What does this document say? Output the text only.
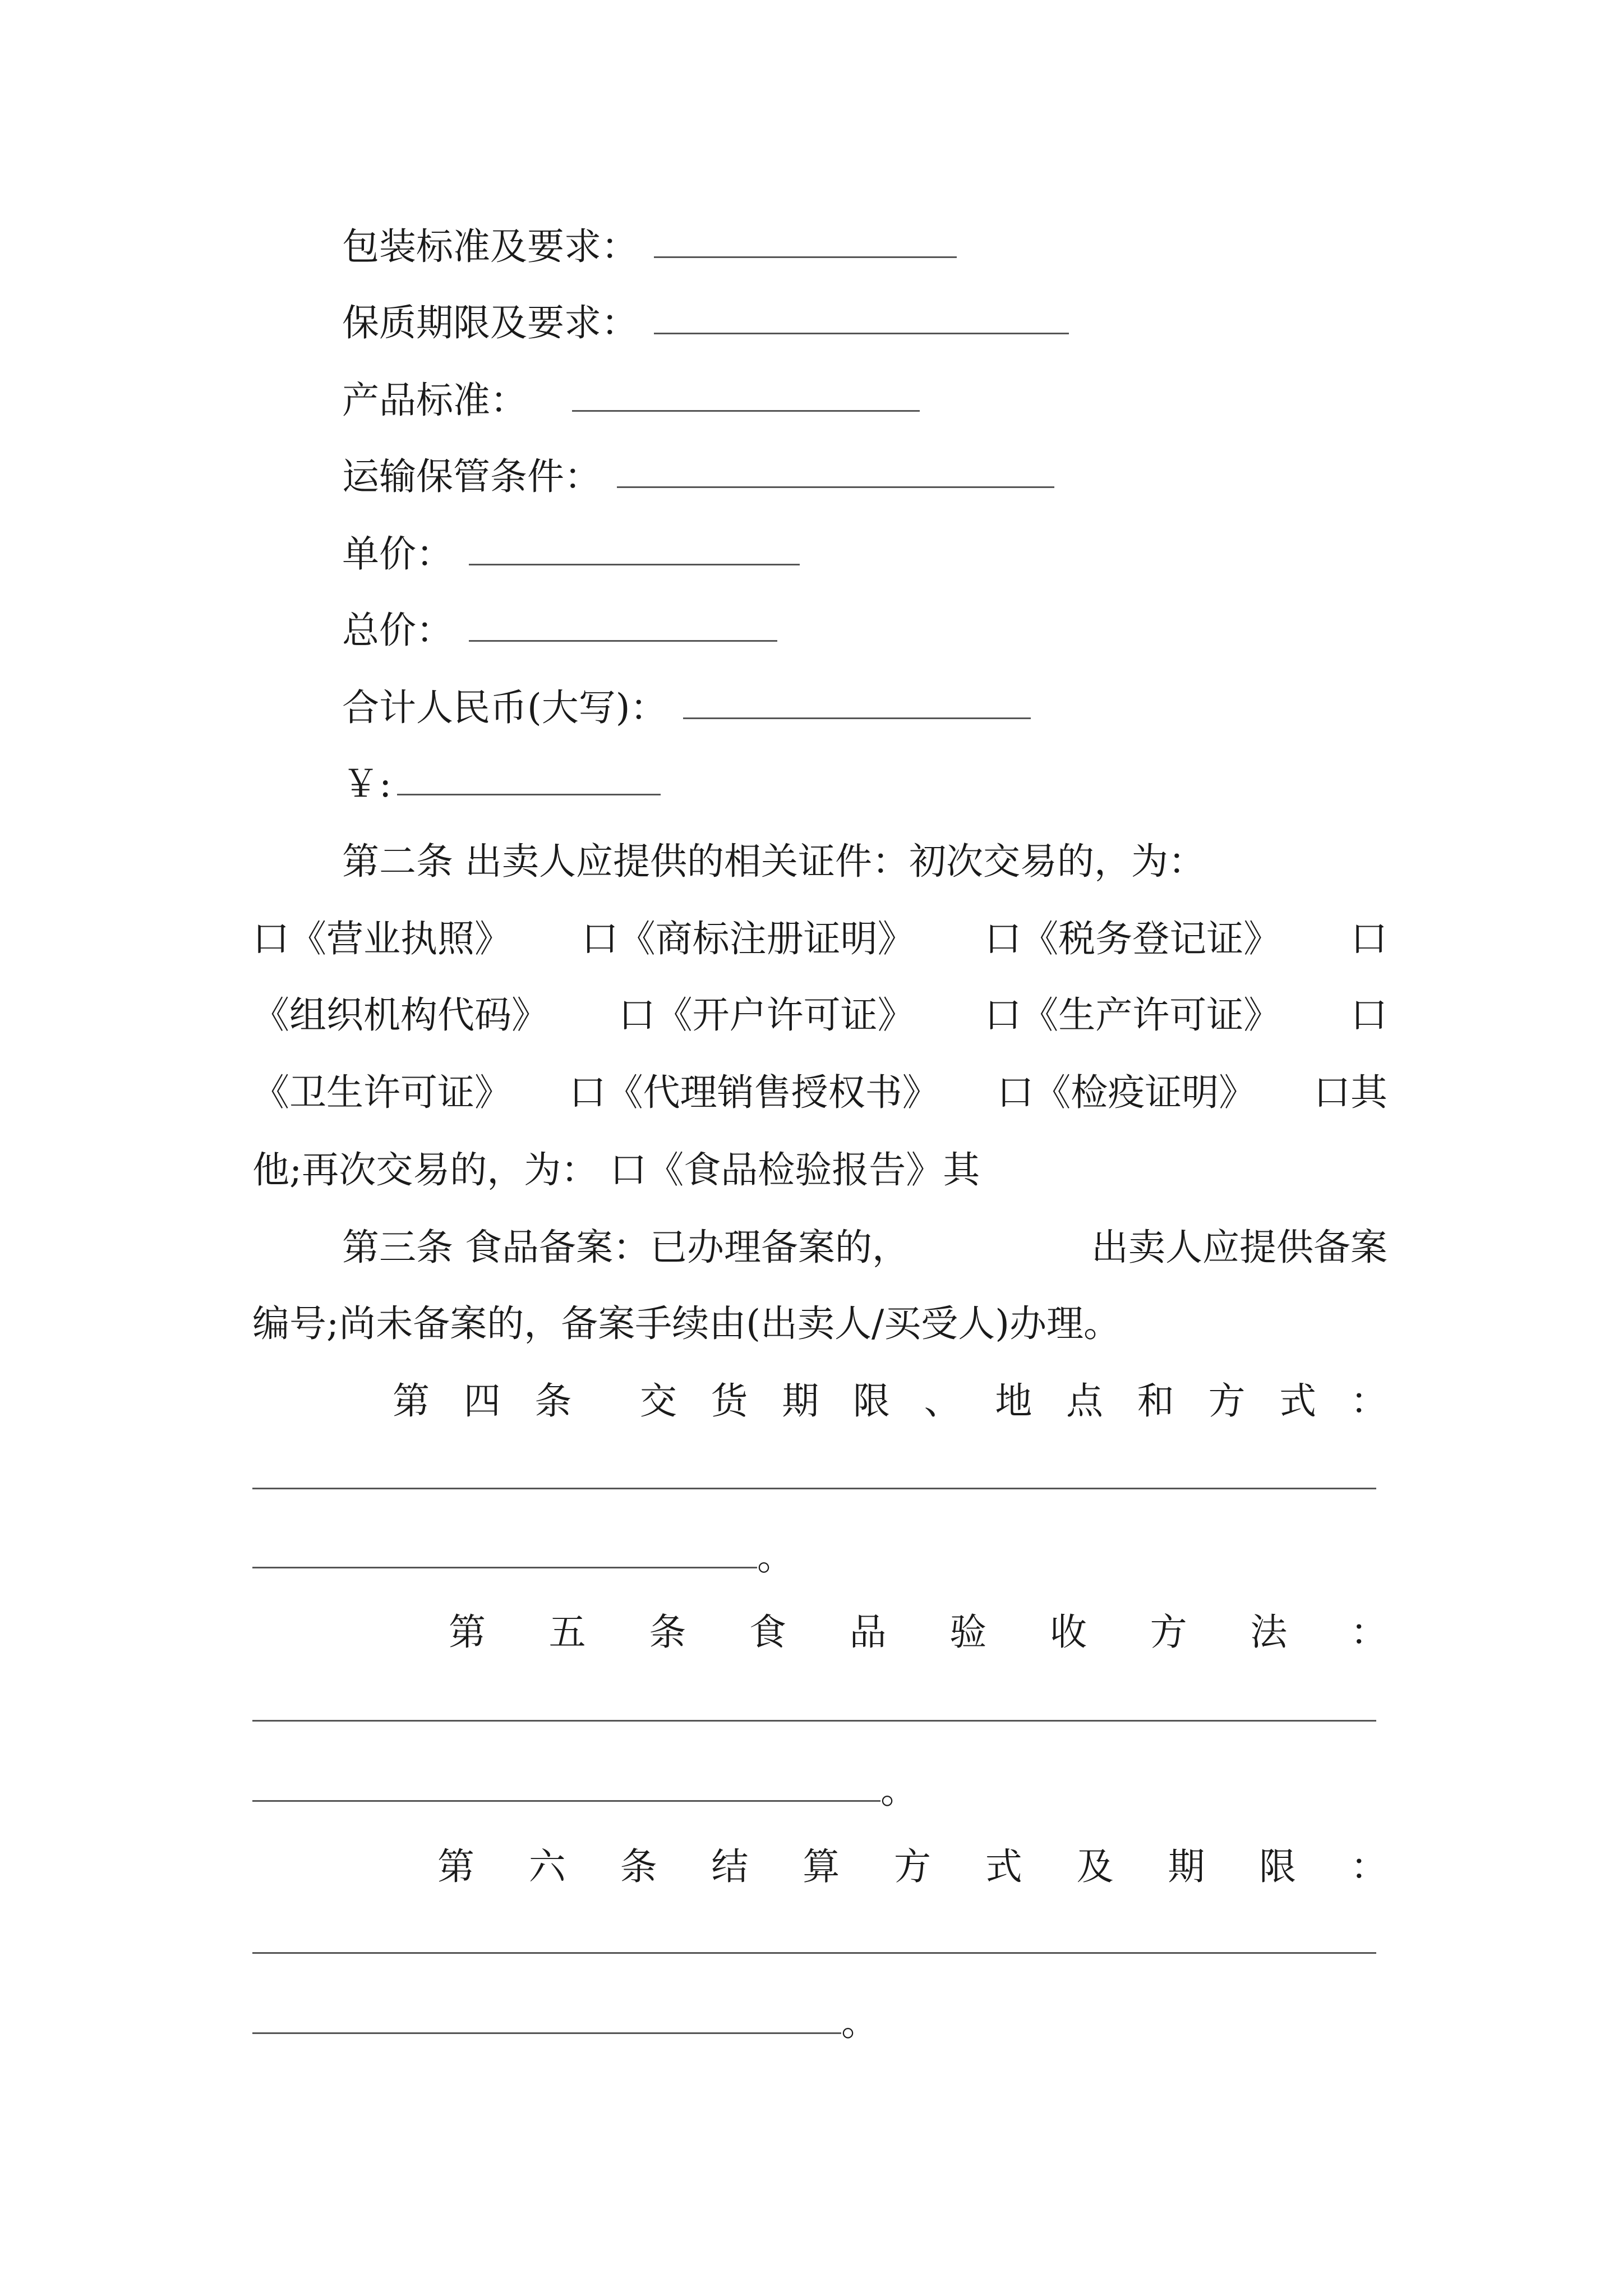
包装标准及要求：
保质期限及要求：
产品标准：
运输保管条件：
单价：
总价：
合计人民币(大写)：
￥:
第二条 出卖人应提供的相关证件：初次交易的，为：
口《营业执照》 口《商标注册证明》 口《税务登记证》 口
《组织机构代码》 口《开户许可证》 口《生产许可证》 口
《卫生许可证》 口《代理销售授权书》 口《检疫证明》 口其
他;再次交易的，为： 口《食品检验报告》其
第三条 食品备案：已办理备案的，	出卖人应提供备案
编号;尚未备案的，备案手续由(出卖人/买受人)办理。
第 四 条 交 货 期 限 、 地 点 和 方 式 ：
。
第 五 条 食 品 验 收 方 法 ：
。
第 六 条 结 算 方 式 及 期 限 ：
。
